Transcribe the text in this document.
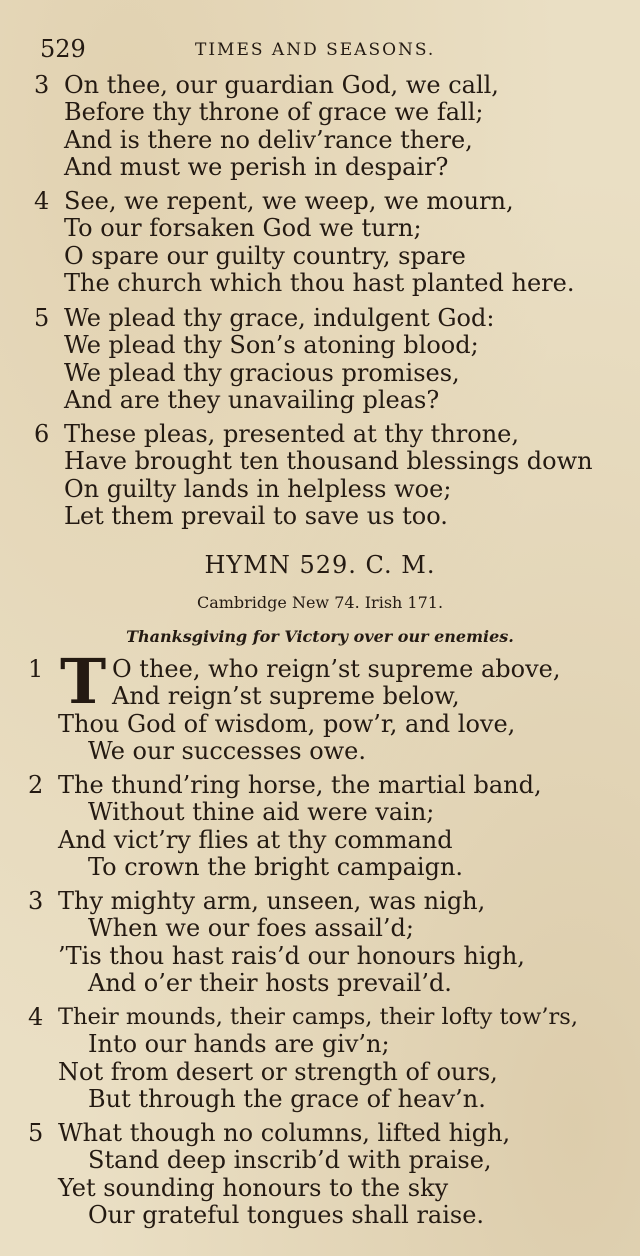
529	TIMES AND SEASONS.
3 On thee, our guardian God, we call,
Before thy throne of grace we fall;
And is there no deliv’rance there,
And must we perish in despair?
4 See, we repent, we weep, we mourn,
To our forsaken God we turn;
O spare our guilty country, spare
The church which thou hast planted here.
5 We plead thy grace, indulgent God:
We plead thy Son’s atoning blood;
We plead thy gracious promises,
And are they unavailing pleas?
6 These pleas, presented at thy throne,
Have brought ten thousand blessings down
On guilty lands in helpless woe;
Let them prevail to save us too.
HYMN 529. C. M.
Cambridge New 74. Irish 171.
Thanksgiving for Victory over our enemies.
T
1	O thee, who reign’st supreme above,
And reign’st supreme below,
Thou God of wisdom, pow’r, and love,
We our successes owe.
2 The thund’ring horse, the martial band,
Without thine aid were vain;
And vict’ry flies at thy command
To crown the bright campaign.
3 Thy mighty arm, unseen, was nigh,
When we our foes assail’d;
’Tis thou hast rais’d our honours high,
And o’er their hosts prevail’d.
4 Their mounds, their camps, their lofty tow’rs,
Into our hands are giv’n;
Not from desert or strength of ours,
But through the grace of heav’n.
5 What though no columns, lifted high,
Stand deep inscrib’d with praise,
Yet sounding honours to the sky
Our grateful tongues shall raise.
